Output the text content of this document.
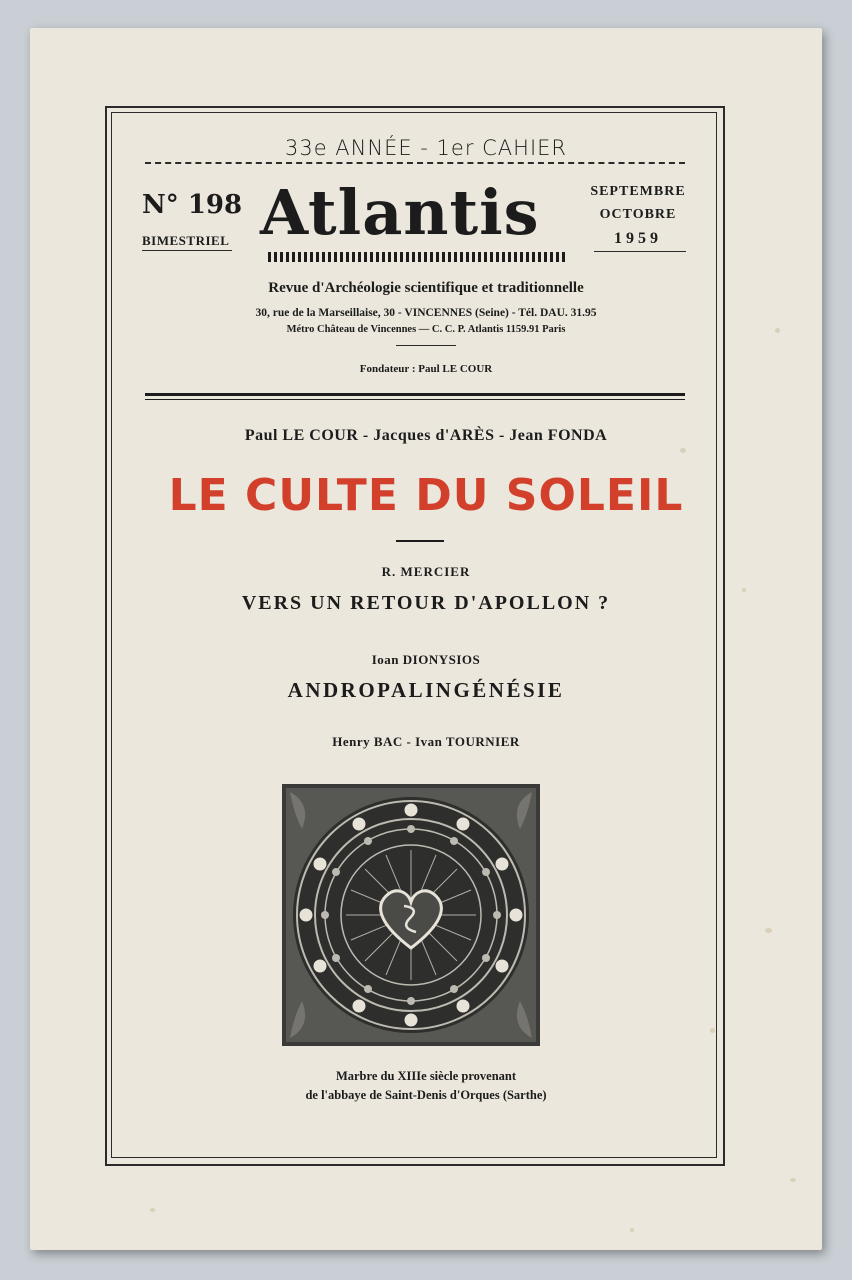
33e ANNÉE - 1er CAHIER
N° 198
BIMESTRIEL Atlantis	SEPTEMBRE
OCTOBRE
1959
Revue d'Archéologie scientifique et traditionnelle
30, rue de la Marseillaise, 30 - VINCENNES (Seine) - Tél. DAU. 31.95
Métro Château de Vincennes — C. C. P. Atlantis 1159.91 Paris
Fondateur : Paul LE COUR
Paul LE COUR - Jacques d'ARÈS - Jean FONDA
LE CULTE DU SOLEIL
R. MERCIER
VERS UN RETOUR D'APOLLON ?
Ioan DIONYSIOS
ANDROPALINGÉNÉSIE
Henry BAC - Ivan TOURNIER
Marbre du XIIIe siècle provenant
de l'abbaye de Saint-Denis d'Orques (Sarthe)
